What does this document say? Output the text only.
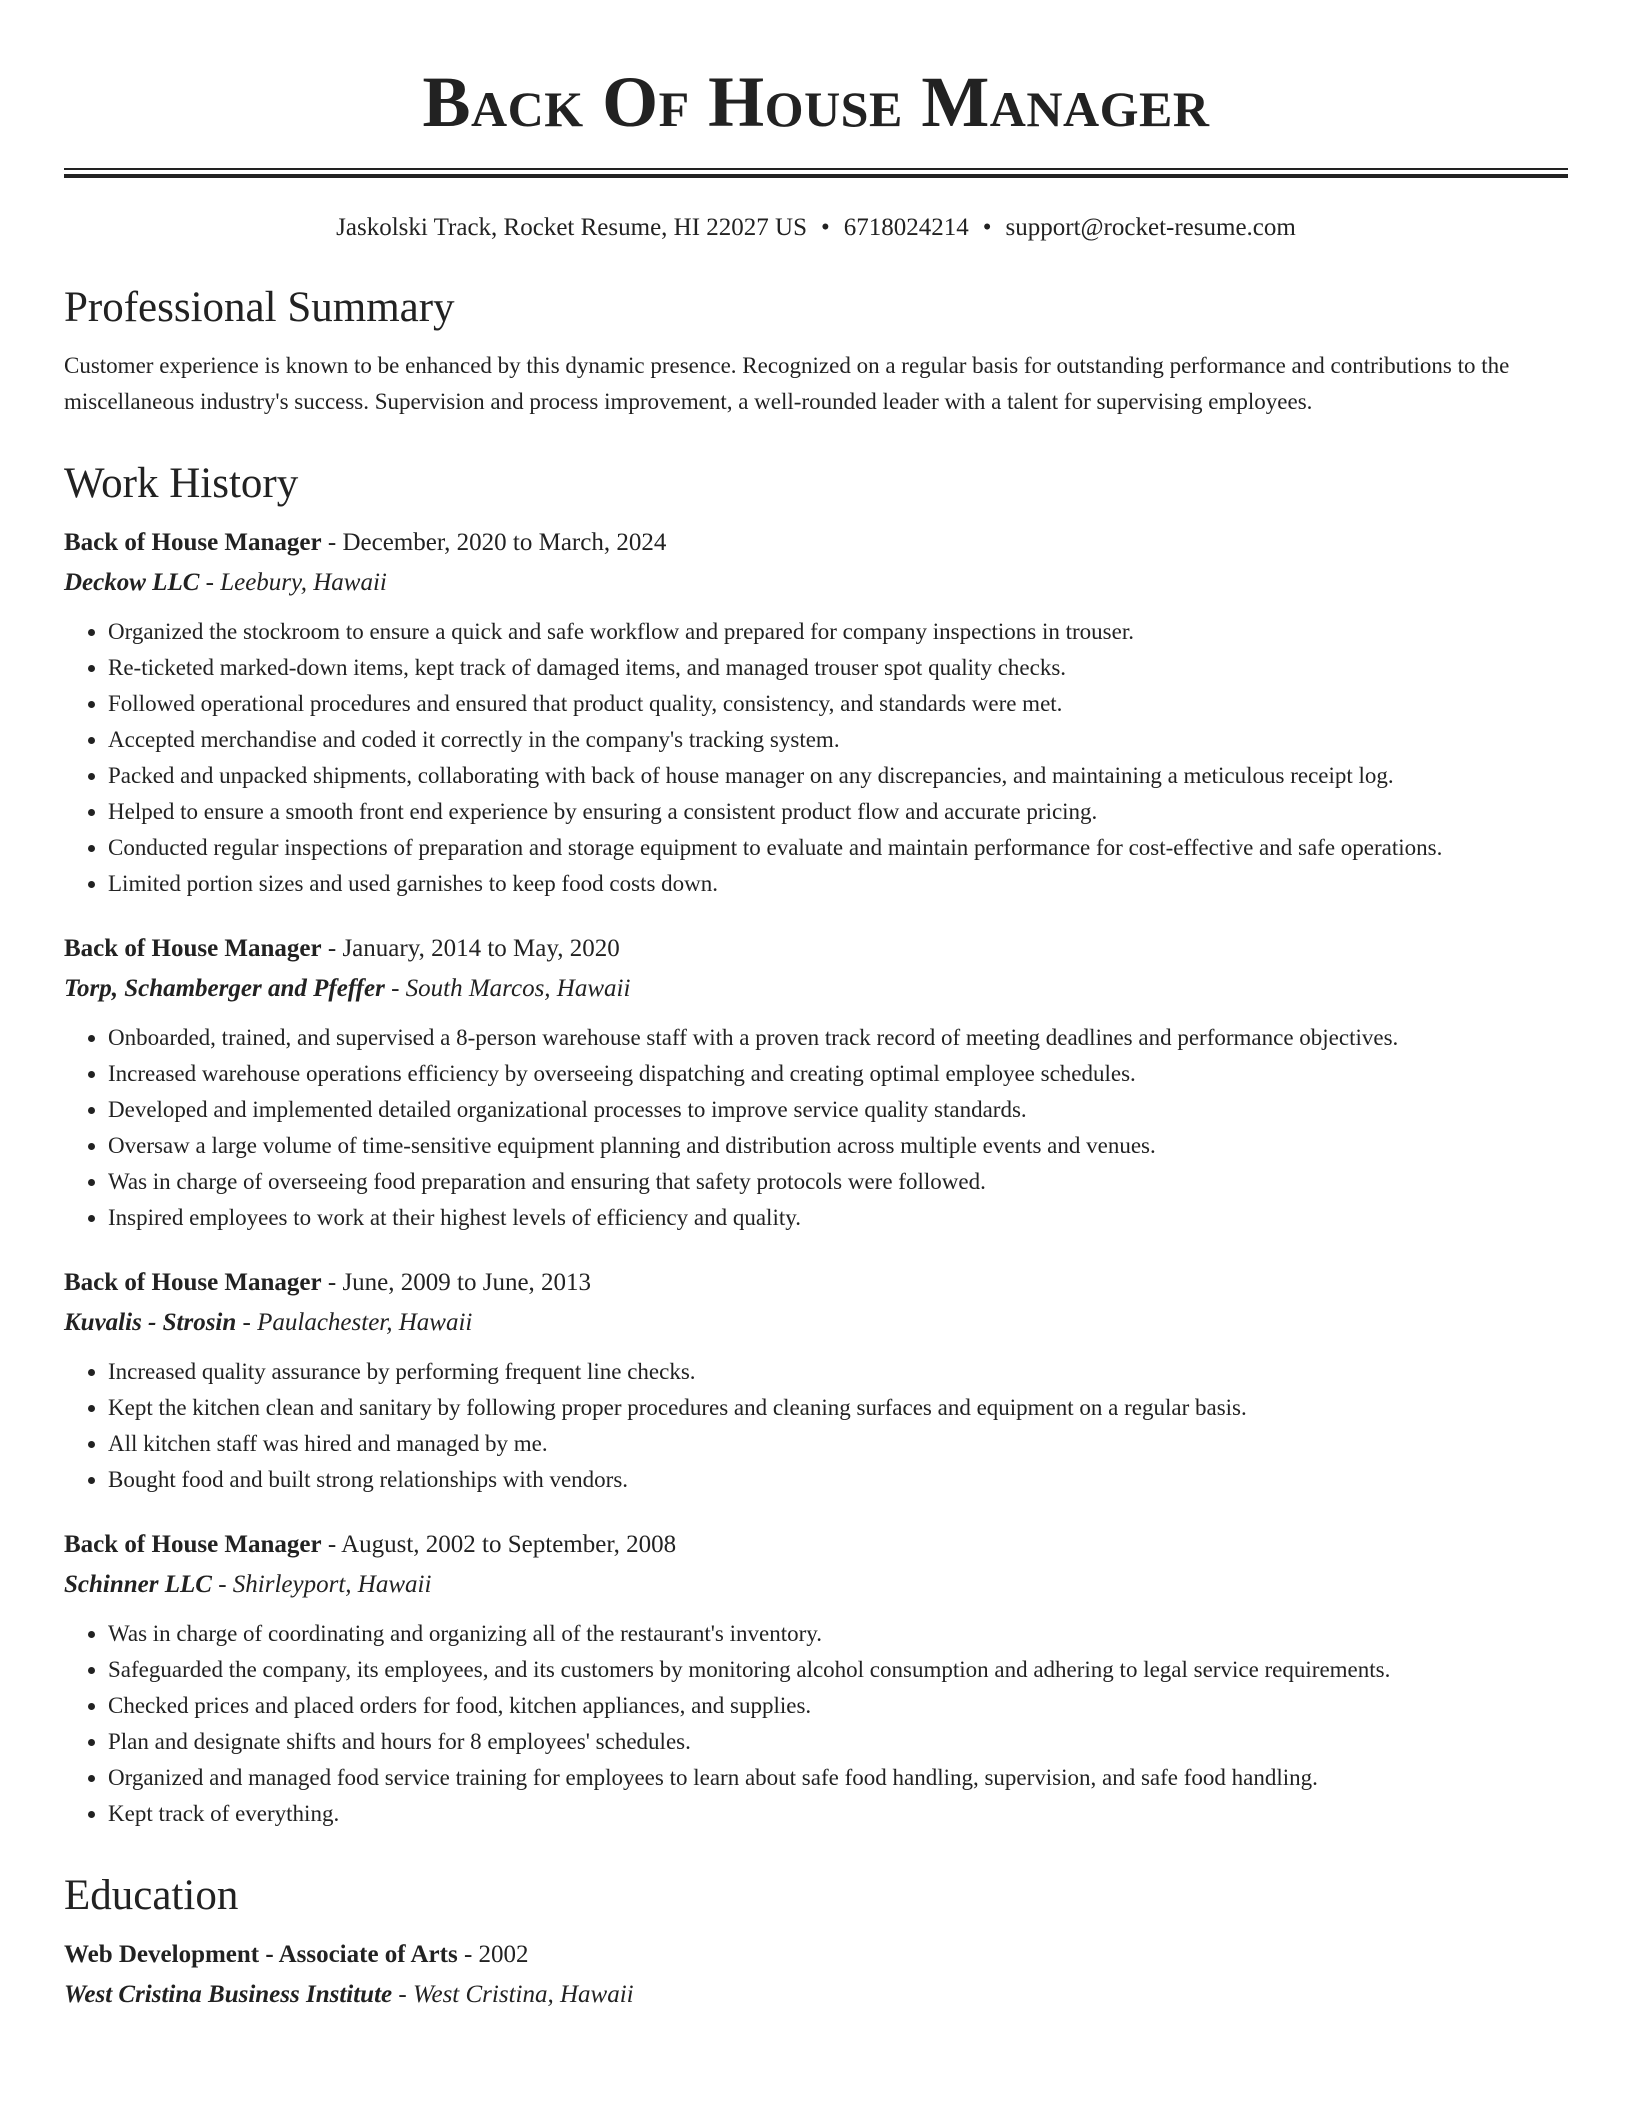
Back Of House Manager
Jaskolski Track, Rocket Resume, HI 22027 US • 6718024214 • support@rocket-resume.com
Professional Summary

Customer experience is known to be enhanced by this dynamic presence. Recognized on a regular basis for outstanding performance and contributions to the miscellaneous industry's success. Supervision and process improvement, a well-rounded leader with a talent for supervising employees.

Work History
Back of House Manager - December, 2020 to March, 2024
Deckow LLC - Leebury, Hawaii
• Organized the stockroom to ensure a quick and safe workflow and prepared for company inspections in trouser.
• Re-ticketed marked-down items, kept track of damaged items, and managed trouser spot quality checks.
• Followed operational procedures and ensured that product quality, consistency, and standards were met.
• Accepted merchandise and coded it correctly in the company's tracking system.
• Packed and unpacked shipments, collaborating with back of house manager on any discrepancies, and maintaining a meticulous receipt log.
• Helped to ensure a smooth front end experience by ensuring a consistent product flow and accurate pricing.
• Conducted regular inspections of preparation and storage equipment to evaluate and maintain performance for cost-effective and safe operations.
• Limited portion sizes and used garnishes to keep food costs down.
Back of House Manager - January, 2014 to May, 2020
Torp, Schamberger and Pfeffer - South Marcos, Hawaii
• Onboarded, trained, and supervised a 8-person warehouse staff with a proven track record of meeting deadlines and performance objectives.
• Increased warehouse operations efficiency by overseeing dispatching and creating optimal employee schedules.
• Developed and implemented detailed organizational processes to improve service quality standards.
• Oversaw a large volume of time-sensitive equipment planning and distribution across multiple events and venues.
• Was in charge of overseeing food preparation and ensuring that safety protocols were followed.
• Inspired employees to work at their highest levels of efficiency and quality.
Back of House Manager - June, 2009 to June, 2013
Kuvalis - Strosin - Paulachester, Hawaii
• Increased quality assurance by performing frequent line checks.
• Kept the kitchen clean and sanitary by following proper procedures and cleaning surfaces and equipment on a regular basis.
• All kitchen staff was hired and managed by me.
• Bought food and built strong relationships with vendors.
Back of House Manager - August, 2002 to September, 2008
Schinner LLC - Shirleyport, Hawaii
• Was in charge of coordinating and organizing all of the restaurant's inventory.
• Safeguarded the company, its employees, and its customers by monitoring alcohol consumption and adhering to legal service requirements.
• Checked prices and placed orders for food, kitchen appliances, and supplies.
• Plan and designate shifts and hours for 8 employees' schedules.
• Organized and managed food service training for employees to learn about safe food handling, supervision, and safe food handling.
• Kept track of everything.
Education
Web Development - Associate of Arts - 2002
West Cristina Business Institute - West Cristina, Hawaii
